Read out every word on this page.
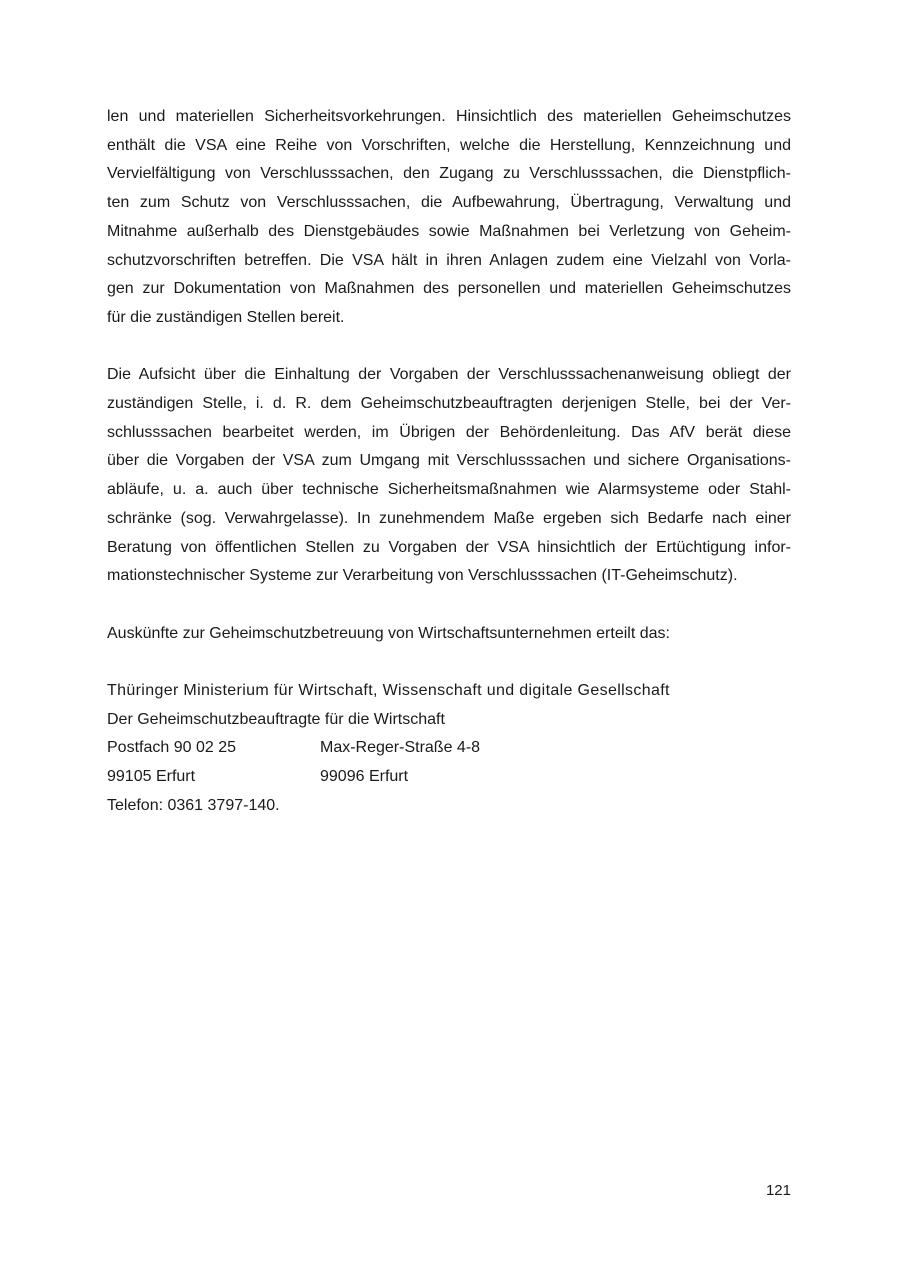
len und materiellen Sicherheitsvorkehrungen. Hinsichtlich des materiellen Geheimschutzes
enthält die VSA eine Reihe von Vorschriften, welche die Herstellung, Kennzeichnung und
Vervielfältigung von Verschlusssachen, den Zugang zu Verschlusssachen, die Dienstpflich-
ten zum Schutz von Verschlusssachen, die Aufbewahrung, Übertragung, Verwaltung und
Mitnahme außerhalb des Dienstgebäudes sowie Maßnahmen bei Verletzung von Geheim-
schutzvorschriften betreffen. Die VSA hält in ihren Anlagen zudem eine Vielzahl von Vorla-
gen zur Dokumentation von Maßnahmen des personellen und materiellen Geheimschutzes
für die zuständigen Stellen bereit.

Die Aufsicht über die Einhaltung der Vorgaben der Verschlusssachenanweisung obliegt der
zuständigen Stelle, i. d. R. dem Geheimschutzbeauftragten derjenigen Stelle, bei der Ver-
schlusssachen bearbeitet werden, im Übrigen der Behördenleitung. Das AfV berät diese
über die Vorgaben der VSA zum Umgang mit Verschlusssachen und sichere Organisations-
abläufe, u. a. auch über technische Sicherheitsmaßnahmen wie Alarmsysteme oder Stahl-
schränke (sog. Verwahrgelasse). In zunehmendem Maße ergeben sich Bedarfe nach einer
Beratung von öffentlichen Stellen zu Vorgaben der VSA hinsichtlich der Ertüchtigung infor-
mationstechnischer Systeme zur Verarbeitung von Verschlusssachen (IT-Geheimschutz).

Auskünfte zur Geheimschutzbetreuung von Wirtschaftsunternehmen erteilt das:

Thüringer Ministerium für Wirtschaft, Wissenschaft und digitale Gesellschaft
Der Geheimschutzbeauftragte für die Wirtschaft
Postfach 90 02 25	Max-Reger-Straße 4-8
99105 Erfurt	99096 Erfurt
Telefon: 0361 3797-140.
121
